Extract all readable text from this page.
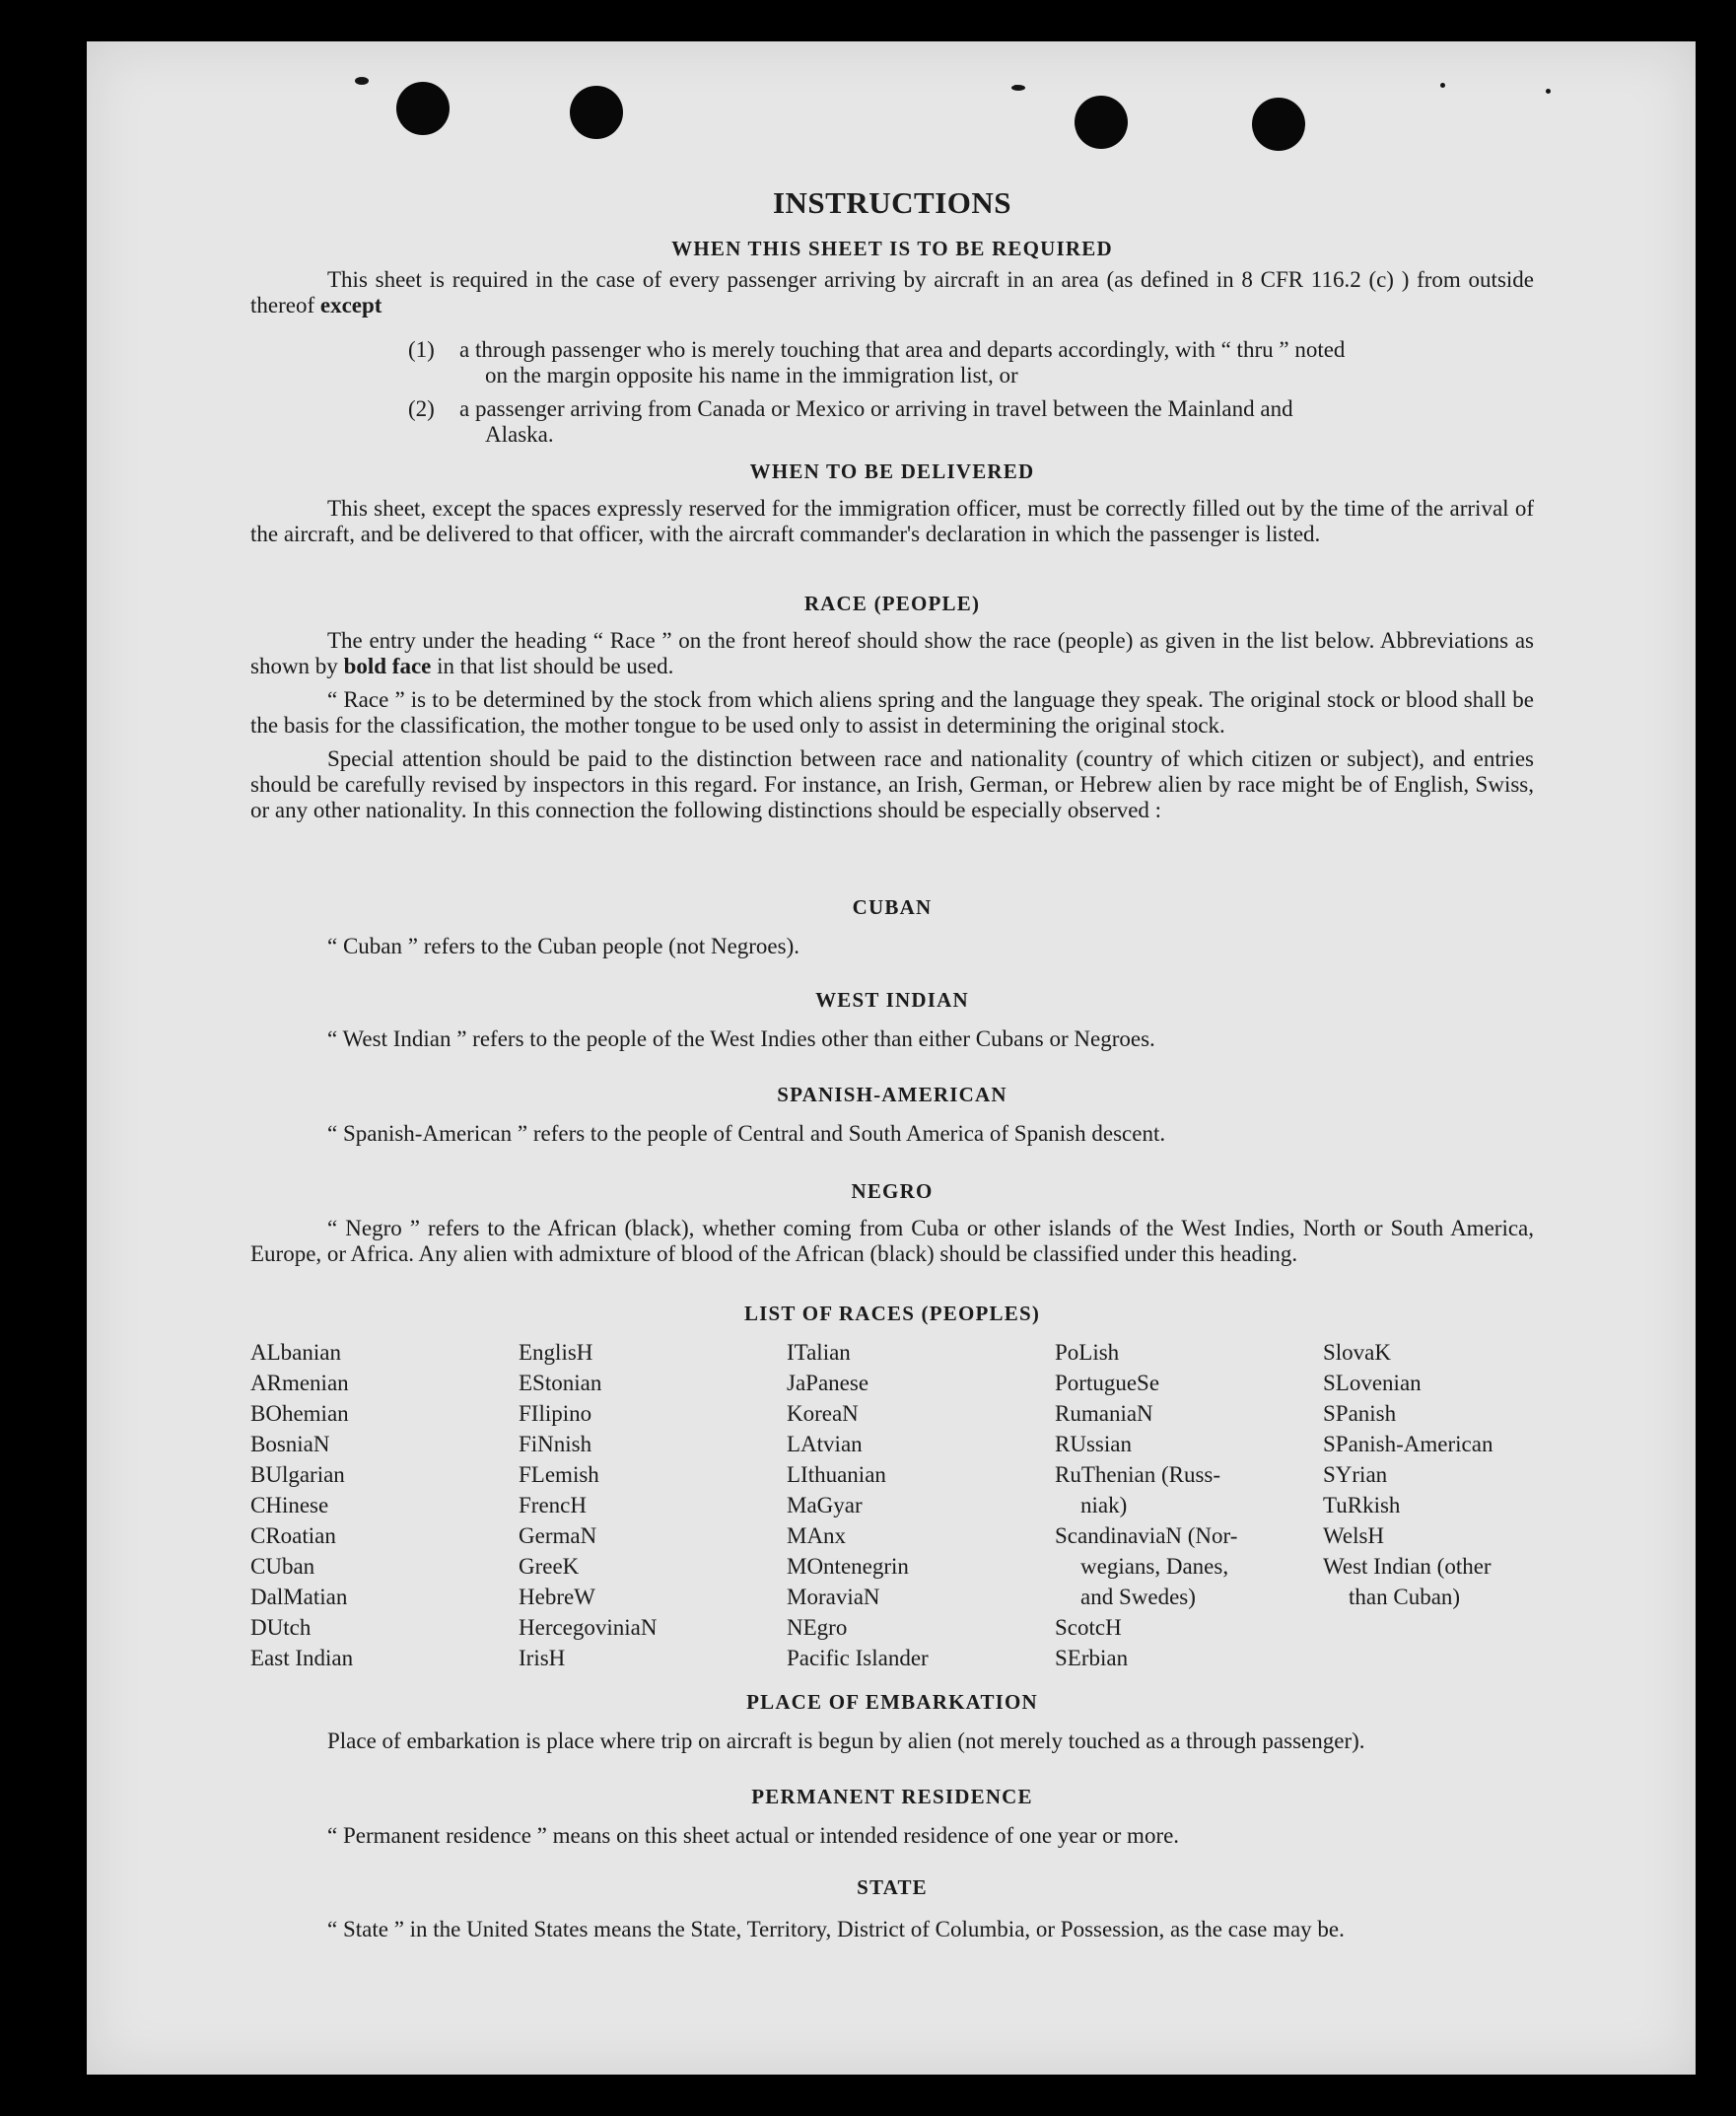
INSTRUCTIONS
WHEN THIS SHEET IS TO BE REQUIRED

This sheet is required in the case of every passenger arriving by aircraft in an area (as defined in 8 CFR 116.2 (c) ) from outside thereof except

(1)	a through passenger who is merely touching that area and departs accordingly, with “ thru ” noted
on the margin opposite his name in the immigration list, or
(2)	a passenger arriving from Canada or Mexico or arriving in travel between the Mainland and
Alaska.
WHEN TO BE DELIVERED

This sheet, except the spaces expressly reserved for the immigration officer, must be correctly filled out by the time of the arrival of the aircraft, and be delivered to that officer, with the aircraft commander's declaration in which the passenger is listed.

RACE (PEOPLE)

The entry under the heading “ Race ” on the front hereof should show the race (people) as given in the list below. Abbreviations as shown by bold face in that list should be used.

“ Race ” is to be determined by the stock from which aliens spring and the language they speak. The original stock or blood shall be the basis for the classification, the mother tongue to be used only to assist in determining the original stock.

Special attention should be paid to the distinction between race and nationality (country of which citizen or subject), and entries should be carefully revised by inspectors in this regard. For instance, an Irish, German, or Hebrew alien by race might be of English, Swiss, or any other nationality. In this connection the following distinctions should be especially observed :

CUBAN

“ Cuban ” refers to the Cuban people (not Negroes).

WEST INDIAN

“ West Indian ” refers to the people of the West Indies other than either Cubans or Negroes.

SPANISH-AMERICAN

“ Spanish-American ” refers to the people of Central and South America of Spanish descent.

NEGRO

“ Negro ” refers to the African (black), whether coming from Cuba or other islands of the West Indies, North or South America, Europe, or Africa. Any alien with admixture of blood of the African (black) should be classified under this heading.

LIST OF RACES (PEOPLES)
ALbanian
ARmenian
BOhemian
BosniaN
BUlgarian
CHinese
CRoatian
CUban
DalMatian
DUtch
East Indian
EnglisH
EStonian
FIlipino
FiNnish
FLemish
FrencH
GermaN
GreeK
HebreW
HercegoviniaN
IrisH
ITalian
JaPanese
KoreaN
LAtvian
LIthuanian
MaGyar
MAnx
MOntenegrin
MoraviaN
NEgro
Pacific Islander
PoLish
PortugueSe
RumaniaN
RUssian
RuThenian (Russ-
niak)
ScandinaviaN (Nor-
wegians, Danes,
and Swedes)
ScotcH
SErbian
SlovaK
SLovenian
SPanish
SPanish-American
SYrian
TuRkish
WelsH
West Indian (other
than Cuban)
PLACE OF EMBARKATION

Place of embarkation is place where trip on aircraft is begun by alien (not merely touched as a through passenger).

PERMANENT RESIDENCE

“ Permanent residence ” means on this sheet actual or intended residence of one year or more.

STATE

“ State ” in the United States means the State, Territory, District of Columbia, or Possession, as the case may be.
